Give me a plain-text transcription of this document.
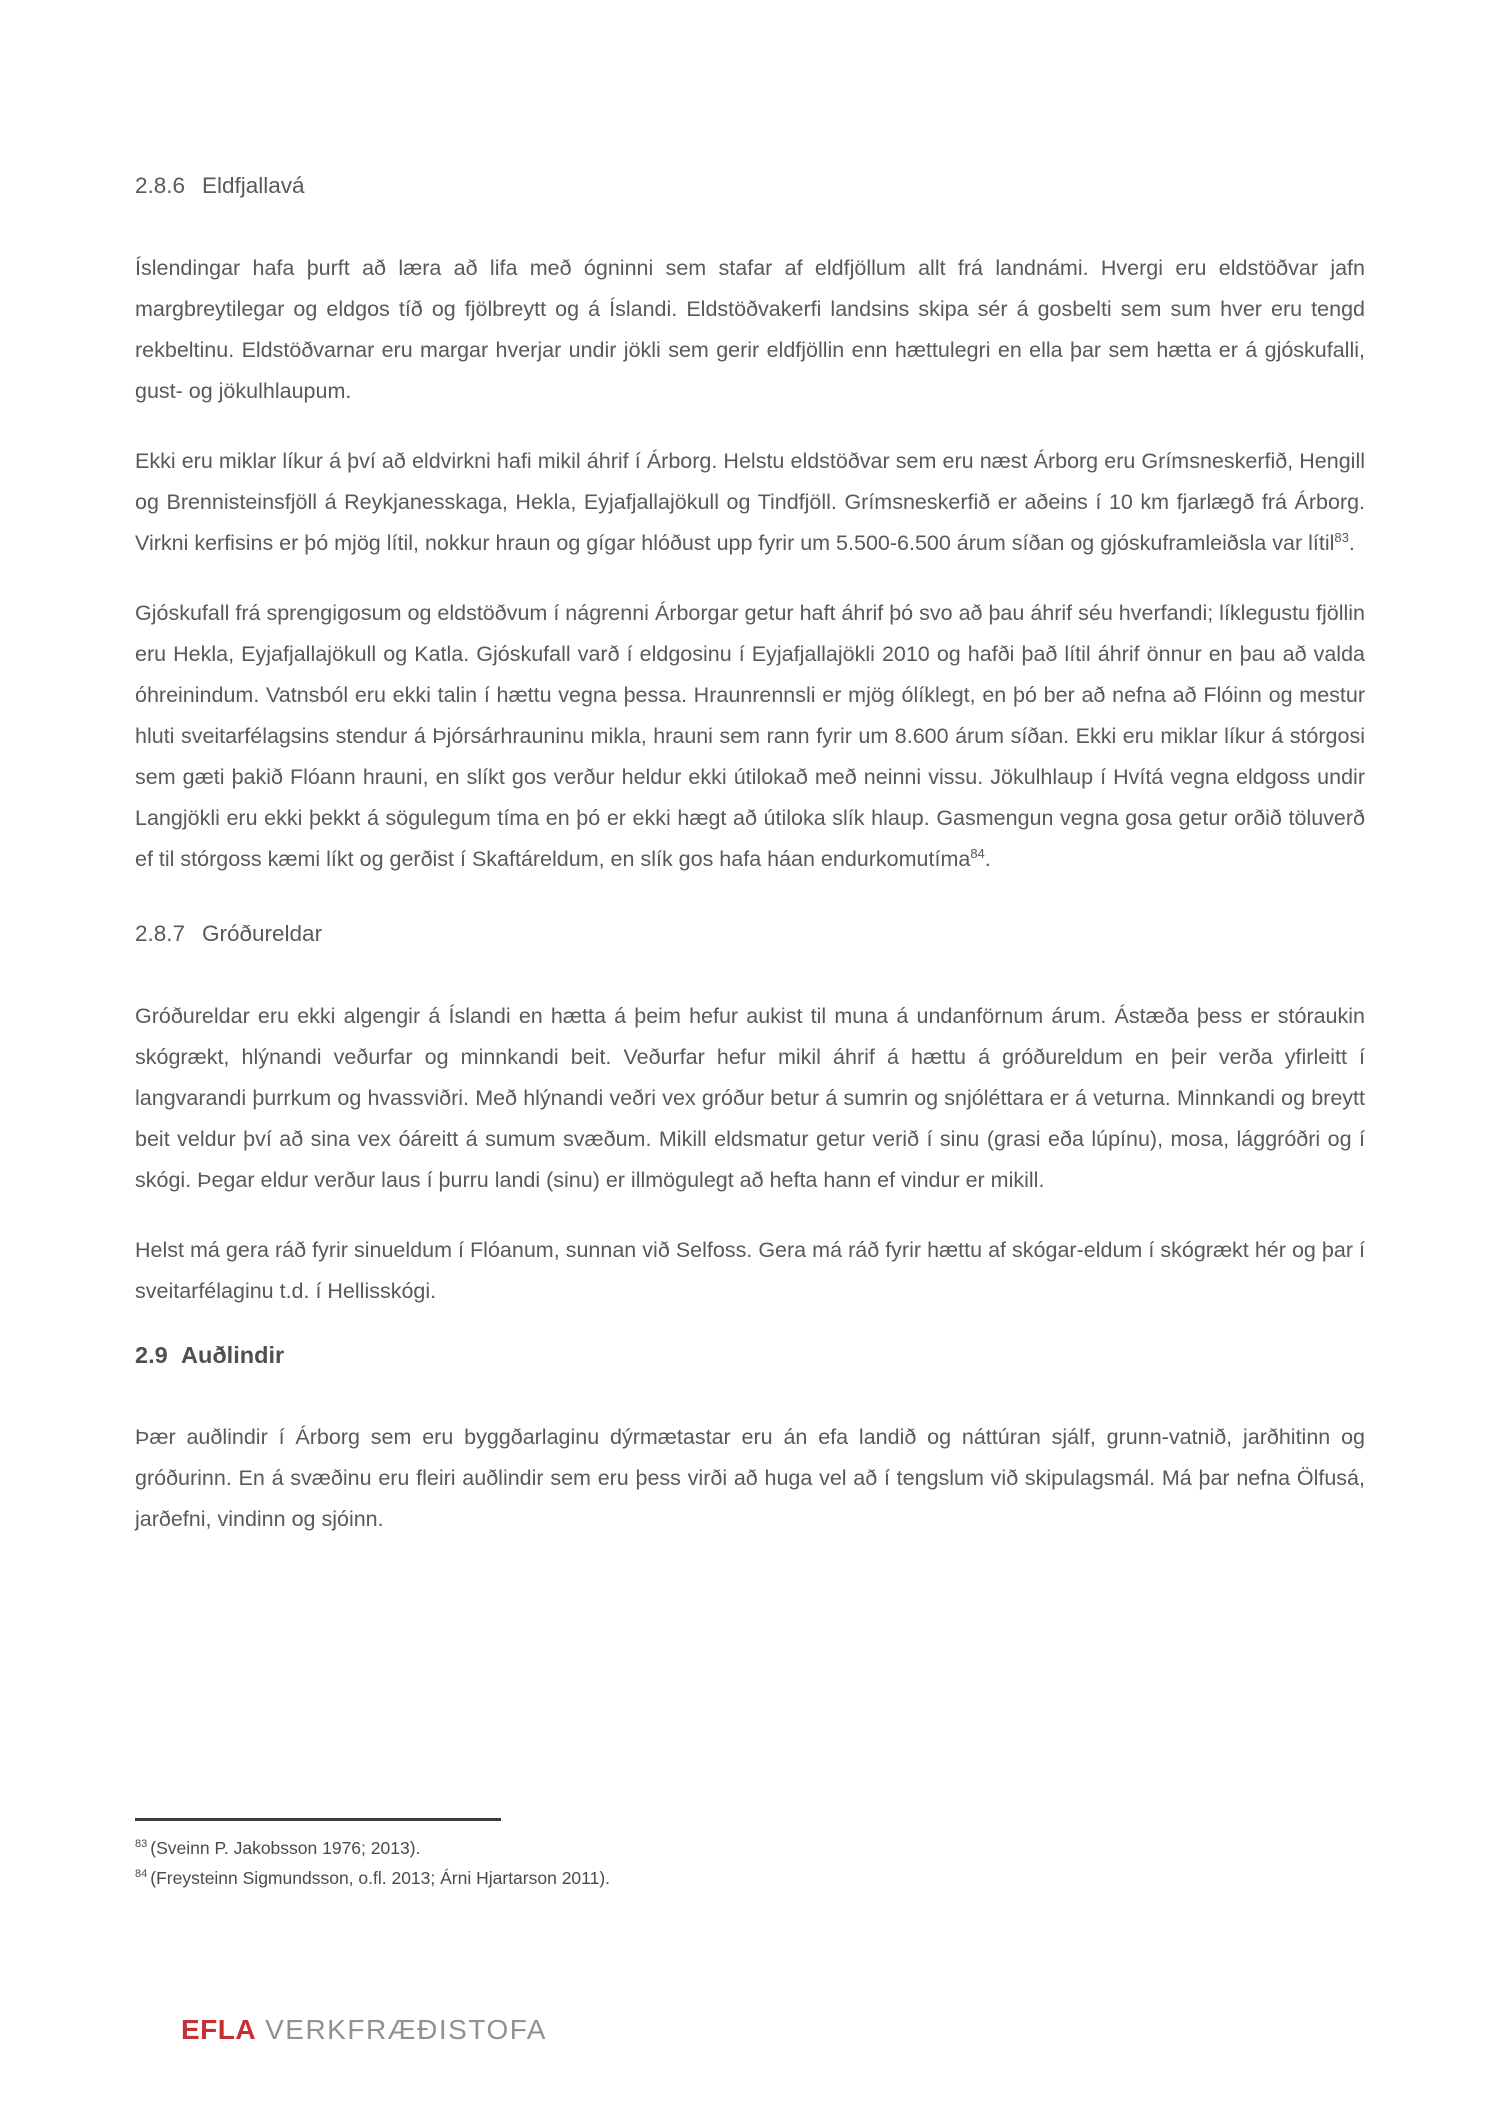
2.8.6 Eldfjallavá

Íslendingar hafa þurft að læra að lifa með ógninni sem stafar af eldfjöllum allt frá landnámi. Hvergi eru eldstöðvar jafn margbreytilegar og eldgos tíð og fjölbreytt og á Íslandi. Eldstöðvakerfi landsins skipa sér á gosbelti sem sum hver eru tengd rekbeltinu. Eldstöðvarnar eru margar hverjar undir jökli sem gerir eldfjöllin enn hættulegri en ella þar sem hætta er á gjóskufalli, gust- og jökulhlaupum.

Ekki eru miklar líkur á því að eldvirkni hafi mikil áhrif í Árborg. Helstu eldstöðvar sem eru næst Árborg eru Grímsneskerfið, Hengill og Brennisteinsfjöll á Reykjanesskaga, Hekla, Eyjafjallajökull og Tindfjöll. Grímsneskerfið er aðeins í 10 km fjarlægð frá Árborg. Virkni kerfisins er þó mjög lítil, nokkur hraun og gígar hlóðust upp fyrir um 5.500-6.500 árum síðan og gjóskuframleiðsla var lítil$^{83}$.

Gjóskufall frá sprengigosum og eldstöðvum í nágrenni Árborgar getur haft áhrif þó svo að þau áhrif séu hverfandi; líklegustu fjöllin eru Hekla, Eyjafjallajökull og Katla. Gjóskufall varð í eldgosinu í Eyjafjallajökli 2010 og hafði það lítil áhrif önnur en þau að valda óhreinindum. Vatnsból eru ekki talin í hættu vegna þessa. Hraunrennsli er mjög ólíklegt, en þó ber að nefna að Flóinn og mestur hluti sveitarfélagsins stendur á Þjórsárhrauninu mikla, hrauni sem rann fyrir um 8.600 árum síðan. Ekki eru miklar líkur á stórgosi sem gæti þakið Flóann hrauni, en slíkt gos verður heldur ekki útilokað með neinni vissu. Jökulhlaup í Hvítá vegna eldgoss undir Langjökli eru ekki þekkt á sögulegum tíma en þó er ekki hægt að útiloka slík hlaup. Gasmengun vegna gosa getur orðið töluverð ef til stórgoss kæmi líkt og gerðist í Skaftáreldum, en slík gos hafa háan endurkomutíma$^{84}$.

2.8.7 Gróðureldar

Gróðureldar eru ekki algengir á Íslandi en hætta á þeim hefur aukist til muna á undanförnum árum. Ástæða þess er stóraukin skógrækt, hlýnandi veðurfar og minnkandi beit. Veðurfar hefur mikil áhrif á hættu á gróðureldum en þeir verða yfirleitt í langvarandi þurrkum og hvassviðri. Með hlýnandi veðri vex gróður betur á sumrin og snjóléttara er á veturna. Minnkandi og breytt beit veldur því að sina vex óáreitt á sumum svæðum. Mikill eldsmatur getur verið í sinu (grasi eða lúpínu), mosa, lággróðri og í skógi. Þegar eldur verður laus í þurru landi (sinu) er illmögulegt að hefta hann ef vindur er mikill.

Helst má gera ráð fyrir sinueldum í Flóanum, sunnan við Selfoss. Gera má ráð fyrir hættu af skógar-eldum í skógrækt hér og þar í sveitarfélaginu t.d. í Hellisskógi.

2.9 Auðlindir

Þær auðlindir í Árborg sem eru byggðarlaginu dýrmætastar eru án efa landið og náttúran sjálf, grunn-vatnið, jarðhitinn og gróðurinn. En á svæðinu eru fleiri auðlindir sem eru þess virði að huga vel að í tengslum við skipulagsmál. Má þar nefna Ölfusá, jarðefni, vindinn og sjóinn.

$^{83}$ (Sveinn P. Jakobsson 1976; 2013).

$^{84}$ (Freysteinn Sigmundsson, o.fl. 2013; Árni Hjartarson 2011).

EFLA VERKFRÆÐISTOFA
